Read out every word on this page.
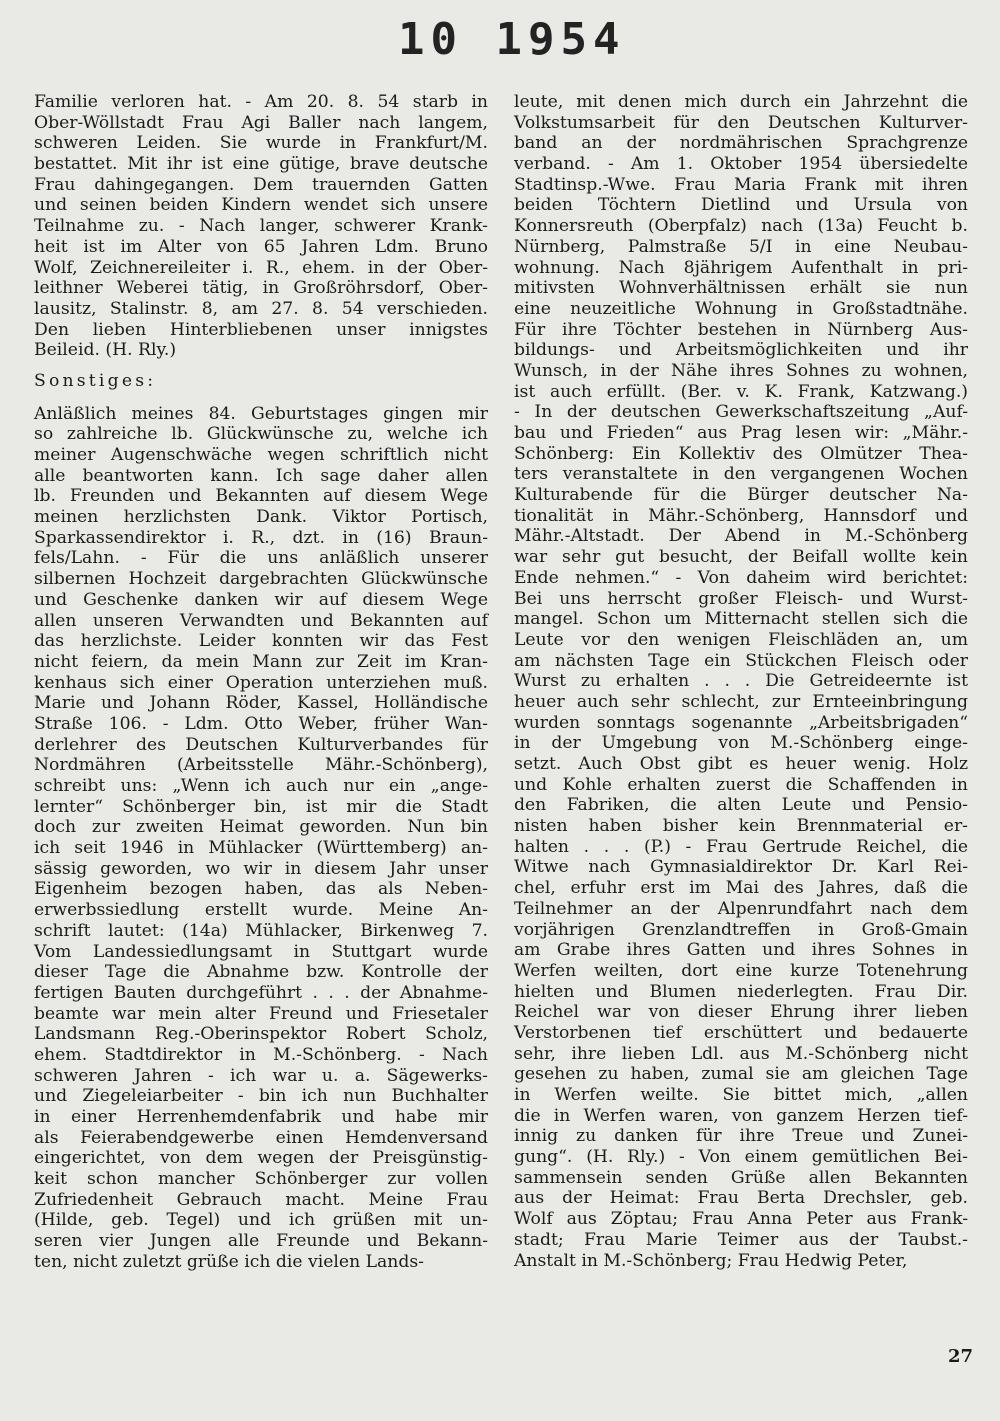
10 1954
Familie verloren hat. - Am 20. 8. 54 starb in
Ober-Wöllstadt Frau Agi Baller nach langem,
schweren Leiden. Sie wurde in Frankfurt/M.
bestattet. Mit ihr ist eine gütige, brave deutsche
Frau dahingegangen. Dem trauernden Gatten
und seinen beiden Kindern wendet sich unsere
Teilnahme zu. - Nach langer, schwerer Krank-
heit ist im Alter von 65 Jahren Ldm. Bruno
Wolf, Zeichnereileiter i. R., ehem. in der Ober-
leithner Weberei tätig, in Großröhrsdorf, Ober-
lausitz, Stalinstr. 8, am 27. 8. 54 verschieden.
Den lieben Hinterbliebenen unser innigstes
Beileid. (H. Rly.)
Sonstiges:
Anläßlich meines 84. Geburtstages gingen mir
so zahlreiche lb. Glückwünsche zu, welche ich
meiner Augenschwäche wegen schriftlich nicht
alle beantworten kann. Ich sage daher allen
lb. Freunden und Bekannten auf diesem Wege
meinen herzlichsten Dank. Viktor Portisch,
Sparkassendirektor i. R., dzt. in (16) Braun-
fels/Lahn. - Für die uns anläßlich unserer
silbernen Hochzeit dargebrachten Glückwünsche
und Geschenke danken wir auf diesem Wege
allen unseren Verwandten und Bekannten auf
das herzlichste. Leider konnten wir das Fest
nicht feiern, da mein Mann zur Zeit im Kran-
kenhaus sich einer Operation unterziehen muß.
Marie und Johann Röder, Kassel, Holländische
Straße 106. - Ldm. Otto Weber, früher Wan-
derlehrer des Deutschen Kulturverbandes für
Nordmähren (Arbeitsstelle Mähr.-Schönberg),
schreibt uns: „Wenn ich auch nur ein „ange-
lernter“ Schönberger bin, ist mir die Stadt
doch zur zweiten Heimat geworden. Nun bin
ich seit 1946 in Mühlacker (Württemberg) an-
sässig geworden, wo wir in diesem Jahr unser
Eigenheim bezogen haben, das als Neben-
erwerbssiedlung erstellt wurde. Meine An-
schrift lautet: (14a) Mühlacker, Birkenweg 7.
Vom Landessiedlungsamt in Stuttgart wurde
dieser Tage die Abnahme bzw. Kontrolle der
fertigen Bauten durchgeführt . . . der Abnahme-
beamte war mein alter Freund und Friesetaler
Landsmann Reg.-Oberinspektor Robert Scholz,
ehem. Stadtdirektor in M.-Schönberg. - Nach
schweren Jahren - ich war u. a. Sägewerks-
und Ziegeleiarbeiter - bin ich nun Buchhalter
in einer Herrenhemdenfabrik und habe mir
als Feierabendgewerbe einen Hemdenversand
eingerichtet, von dem wegen der Preisgünstig-
keit schon mancher Schönberger zur vollen
Zufriedenheit Gebrauch macht. Meine Frau
(Hilde, geb. Tegel) und ich grüßen mit un-
seren vier Jungen alle Freunde und Bekann-
ten, nicht zuletzt grüße ich die vielen Lands-
leute, mit denen mich durch ein Jahrzehnt die
Volkstumsarbeit für den Deutschen Kulturver-
band an der nordmährischen Sprachgrenze
verband. - Am 1. Oktober 1954 übersiedelte
Stadtinsp.-Wwe. Frau Maria Frank mit ihren
beiden Töchtern Dietlind und Ursula von
Konnersreuth (Oberpfalz) nach (13a) Feucht b.
Nürnberg, Palmstraße 5/I in eine Neubau-
wohnung. Nach 8jährigem Aufenthalt in pri-
mitivsten Wohnverhältnissen erhält sie nun
eine neuzeitliche Wohnung in Großstadtnähe.
Für ihre Töchter bestehen in Nürnberg Aus-
bildungs- und Arbeitsmöglichkeiten und ihr
Wunsch, in der Nähe ihres Sohnes zu wohnen,
ist auch erfüllt. (Ber. v. K. Frank, Katzwang.)
- In der deutschen Gewerkschaftszeitung „Auf-
bau und Frieden“ aus Prag lesen wir: „Mähr.-
Schönberg: Ein Kollektiv des Olmützer Thea-
ters veranstaltete in den vergangenen Wochen
Kulturabende für die Bürger deutscher Na-
tionalität in Mähr.-Schönberg, Hannsdorf und
Mähr.-Altstadt. Der Abend in M.-Schönberg
war sehr gut besucht, der Beifall wollte kein
Ende nehmen.“ - Von daheim wird berichtet:
Bei uns herrscht großer Fleisch- und Wurst-
mangel. Schon um Mitternacht stellen sich die
Leute vor den wenigen Fleischläden an, um
am nächsten Tage ein Stückchen Fleisch oder
Wurst zu erhalten . . . Die Getreideernte ist
heuer auch sehr schlecht, zur Ernteeinbringung
wurden sonntags sogenannte „Arbeitsbrigaden“
in der Umgebung von M.-Schönberg einge-
setzt. Auch Obst gibt es heuer wenig. Holz
und Kohle erhalten zuerst die Schaffenden in
den Fabriken, die alten Leute und Pensio-
nisten haben bisher kein Brennmaterial er-
halten . . . (P.) - Frau Gertrude Reichel, die
Witwe nach Gymnasialdirektor Dr. Karl Rei-
chel, erfuhr erst im Mai des Jahres, daß die
Teilnehmer an der Alpenrundfahrt nach dem
vorjährigen Grenzlandtreffen in Groß-Gmain
am Grabe ihres Gatten und ihres Sohnes in
Werfen weilten, dort eine kurze Totenehrung
hielten und Blumen niederlegten. Frau Dir.
Reichel war von dieser Ehrung ihrer lieben
Verstorbenen tief erschüttert und bedauerte
sehr, ihre lieben Ldl. aus M.-Schönberg nicht
gesehen zu haben, zumal sie am gleichen Tage
in Werfen weilte. Sie bittet mich, „allen
die in Werfen waren, von ganzem Herzen tief-
innig zu danken für ihre Treue und Zunei-
gung“. (H. Rly.) - Von einem gemütlichen Bei-
sammensein senden Grüße allen Bekannten
aus der Heimat: Frau Berta Drechsler, geb.
Wolf aus Zöptau; Frau Anna Peter aus Frank-
stadt; Frau Marie Teimer aus der Taubst.-
Anstalt in M.-Schönberg; Frau Hedwig Peter,
27
